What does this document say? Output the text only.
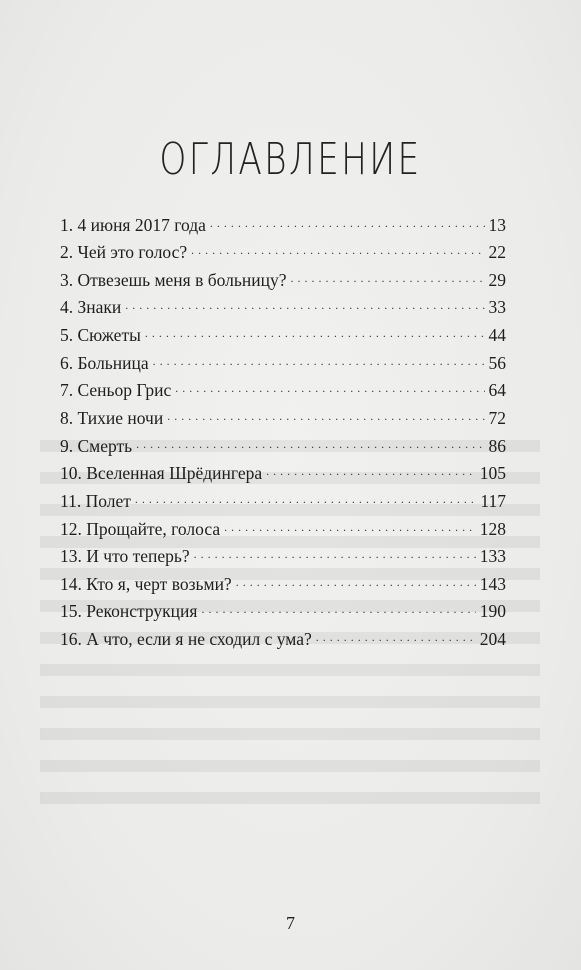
ОГЛАВЛЕНИЕ
1. 4 июня 2017 года . . .	13
2. Чей это голос? . . .	22
3. Отвезешь меня в больницу? . . .	29
4. Знаки . . .	33
5. Сюжеты . . .	44
6. Больница . . .	56
7. Сеньор Грис . . .	64
8. Тихие ночи . . .	72
9. Смерть . . .	86
10. Вселенная Шрёдингера . . .	105
11. Полет . . .	117
12. Прощайте, голоса . . .	128
13. И что теперь? . . .	133
14. Кто я, черт возьми? . . .	143
15. Реконструкция . . .	190
16. А что, если я не сходил с ума? . . .	204
7
